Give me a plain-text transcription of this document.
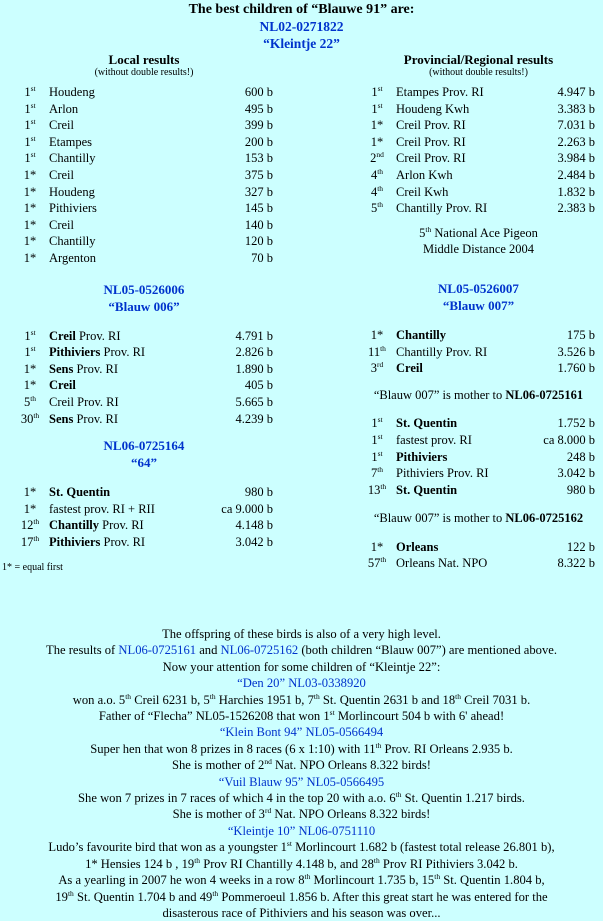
The best children of “Blauwe 91” are:
NL02-0271822
“Kleintje 22”
Local results
(without double results!)
1st	Houdeng	600 b
1st	Arlon	495 b
1st	Creil	399 b
1st	Etampes	200 b
1st	Chantilly	153 b
1*	Creil	375 b
1*	Houdeng	327 b
1*	Pithiviers	145 b
1*	Creil	140 b
1*	Chantilly	120 b
1*	Argenton	70 b
NL05-0526006
“Blauw 006”
1st	Creil Prov. RI	4.791 b
1st	Pithiviers Prov. RI	2.826 b
1*	Sens Prov. RI	1.890 b
1*	Creil	405 b
5th	Creil Prov. RI	5.665 b
30th Sens Prov. RI	4.239 b
NL06-0725164
“64”
1*	St. Quentin	980 b
1*	fastest prov. RI + RII	ca 9.000 b
12th Chantilly Prov. RI	4.148 b
17th Pithiviers Prov. RI	3.042 b
1* = equal first
Provincial/Regional results
(without double results!)
1st	Etampes Prov. RI	4.947 b
1st	Houdeng Kwh	3.383 b
1*	Creil Prov. RI	7.031 b
1*	Creil Prov. RI	2.263 b
2nd Creil Prov. RI	3.984 b
4th	Arlon Kwh	2.484 b
4th	Creil Kwh	1.832 b
5th	Chantilly Prov. RI	2.383 b
5th National Ace Pigeon
Middle Distance 2004
NL05-0526007
“Blauw 007”
1*	Chantilly	175 b
11th Chantilly Prov. RI	3.526 b
3rd	Creil	1.760 b
“Blauw 007” is mother to NL06-0725161
1st	St. Quentin	1.752 b
1st	fastest prov. RI	ca 8.000 b
1st	Pithiviers	248 b
7th	Pithiviers Prov. RI	3.042 b
13th St. Quentin	980 b
“Blauw 007” is mother to NL06-0725162
1*	Orleans	122 b
57th Orleans Nat. NPO	8.322 b
The offspring of these birds is also of a very high level.
The results of NL06-0725161 and NL06-0725162 (both children “Blauw 007”) are mentioned above.
Now your attention for some children of “Kleintje 22”:
“Den 20” NL03-0338920
won a.o. 5th Creil 6231 b, 5th Harchies 1951 b, 7th St. Quentin 2631 b and 18th Creil 7031 b.
Father of “Flecha” NL05-1526208 that won 1st Morlincourt 504 b with 6' ahead!
“Klein Bont 94” NL05-0566494
Super hen that won 8 prizes in 8 races (6 x 1:10) with 11th Prov. RI Orleans 2.935 b.
She is mother of 2nd Nat. NPO Orleans 8.322 birds!
“Vuil Blauw 95” NL05-0566495
She won 7 prizes in 7 races of which 4 in the top 20 with a.o. 6th St. Quentin 1.217 birds.
She is mother of 3rd Nat. NPO Orleans 8.322 birds!
“Kleintje 10” NL06-0751110
Ludo’s favourite bird that won as a youngster 1st Morlincourt 1.682 b (fastest total release 26.801 b),
1* Hensies 124 b , 19th Prov RI Chantilly 4.148 b, and 28th Prov RI Pithiviers 3.042 b.
As a yearling in 2007 he won 4 weeks in a row 8th Morlincourt 1.735 b, 15th St. Quentin 1.804 b,
19th St. Quentin 1.704 b and 49th Pommeroeul 1.856 b. After this great start he was entered for the
disasterous race of Pithiviers and his season was over...
